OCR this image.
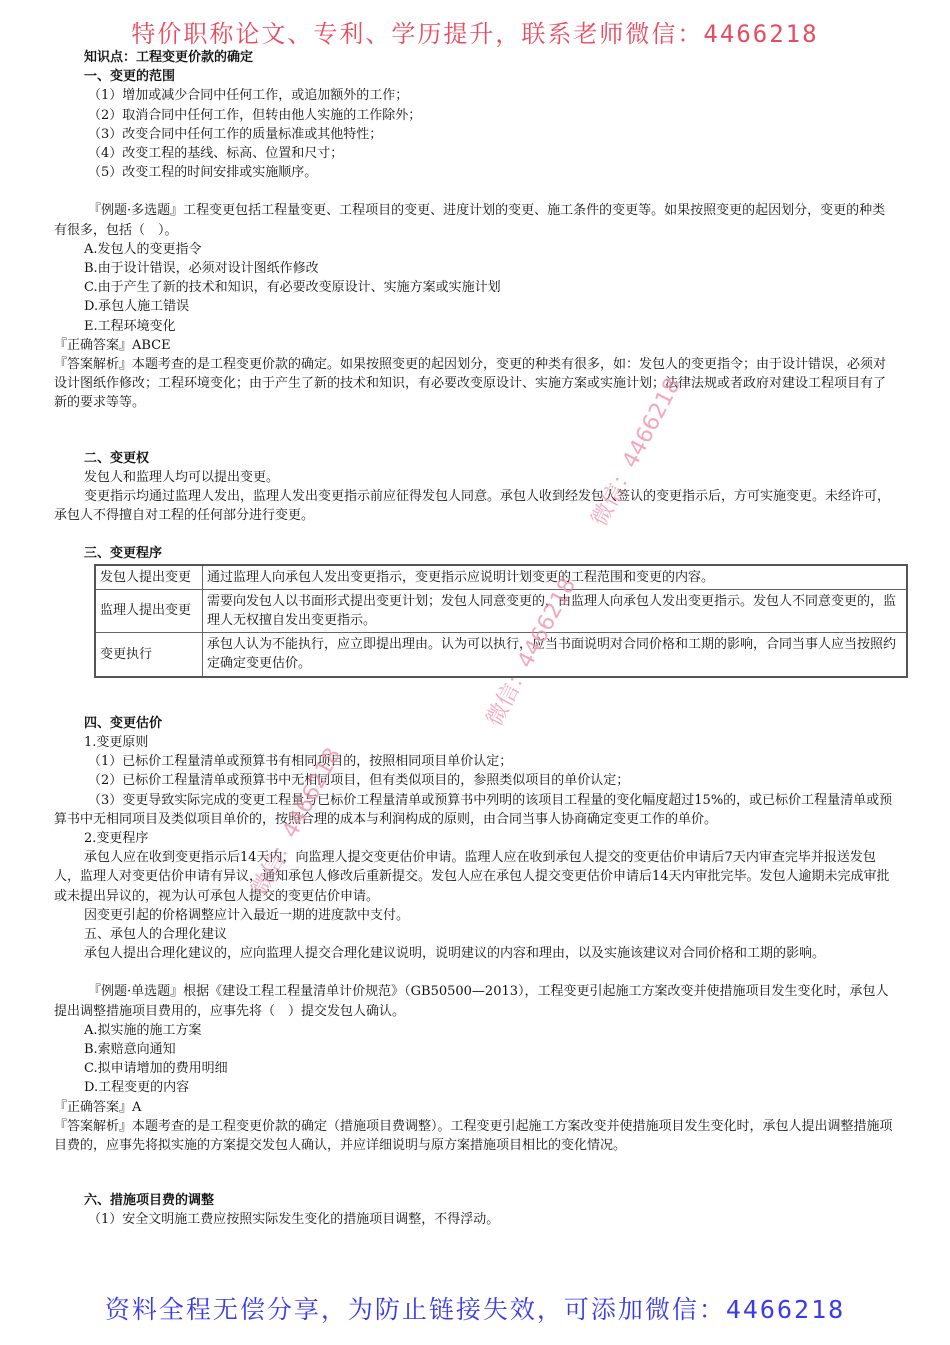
特价职称论文、专利、学历提升，联系老师微信：4466218

知识点：工程变更价款的确定

一、变更的范围

（1）增加或减少合同中任何工作，或追加额外的工作；

（2）取消合同中任何工作，但转由他人实施的工作除外；

（3）改变合同中任何工作的质量标准或其他特性；

（4）改变工程的基线、标高、位置和尺寸；

（5）改变工程的时间安排或实施顺序。

『例题·多选题』工程变更包括工程量变更、工程项目的变更、进度计划的变更、施工条件的变更等。如果按照变更的起因划分，变更的种类有很多，包括（　）。

A.发包人的变更指令

B.由于设计错误，必须对设计图纸作修改

C.由于产生了新的技术和知识，有必要改变原设计、实施方案或实施计划

D.承包人施工错误

E.工程环境变化

『正确答案』ABCE

『答案解析』本题考查的是工程变更价款的确定。如果按照变更的起因划分，变更的种类有很多，如：发包人的变更指令；由于设计错误，必须对设计图纸作修改；工程环境变化；由于产生了新的技术和知识，有必要改变原设计、实施方案或实施计划；法律法规或者政府对建设工程项目有了新的要求等等。

二、变更权

发包人和监理人均可以提出变更。

变更指示均通过监理人发出，监理人发出变更指示前应征得发包人同意。承包人收到经发包人签认的变更指示后，方可实施变更。未经许可，承包人不得擅自对工程的任何部分进行变更。

三、变更程序

发包人提出变更	通过监理人向承包人发出变更指示，变更指示应说明计划变更的工程范围和变更的内容。
监理人提出变更	需要向发包人以书面形式提出变更计划；发包人同意变更的，由监理人向承包人发出变更指示。发包人不同意变更的，监理人无权擅自发出变更指示。
变更执行	承包人认为不能执行，应立即提出理由。认为可以执行，应当书面说明对合同价格和工期的影响，合同当事人应当按照约定确定变更估价。

四、变更估价

1.变更原则

（1）已标价工程量清单或预算书有相同项目的，按照相同项目单价认定；

（2）已标价工程量清单或预算书中无相同项目，但有类似项目的，参照类似项目的单价认定；

（3）变更导致实际完成的变更工程量与已标价工程量清单或预算书中列明的该项目工程量的变化幅度超过15%的，或已标价工程量清单或预算书中无相同项目及类似项目单价的，按照合理的成本与利润构成的原则，由合同当事人协商确定变更工作的单价。

2.变更程序

承包人应在收到变更指示后14天内，向监理人提交变更估价申请。监理人应在收到承包人提交的变更估价申请后7天内审查完毕并报送发包人，监理人对变更估价申请有异议，通知承包人修改后重新提交。发包人应在承包人提交变更估价申请后14天内审批完毕。发包人逾期未完成审批或未提出异议的，视为认可承包人提交的变更估价申请。

因变更引起的价格调整应计入最近一期的进度款中支付。

五、承包人的合理化建议

承包人提出合理化建议的，应向监理人提交合理化建议说明，说明建议的内容和理由，以及实施该建议对合同价格和工期的影响。

『例题·单选题』根据《建设工程工程量清单计价规范》（GB50500—2013），工程变更引起施工方案改变并使措施项目发生变化时，承包人提出调整措施项目费用的，应事先将（　）提交发包人确认。

A.拟实施的施工方案

B.索赔意向通知

C.拟申请增加的费用明细

D.工程变更的内容

『正确答案』A

『答案解析』本题考查的是工程变更价款的确定（措施项目费调整）。工程变更引起施工方案改变并使措施项目发生变化时，承包人提出调整措施项目费的，应事先将拟实施的方案提交发包人确认，并应详细说明与原方案措施项目相比的变化情况。

六、措施项目费的调整

（1）安全文明施工费应按照实际发生变化的措施项目调整，不得浮动。

微信：4466218
微信：4466218
微信：4466218
资料全程无偿分享，为防止链接失效，可添加微信：4466218
